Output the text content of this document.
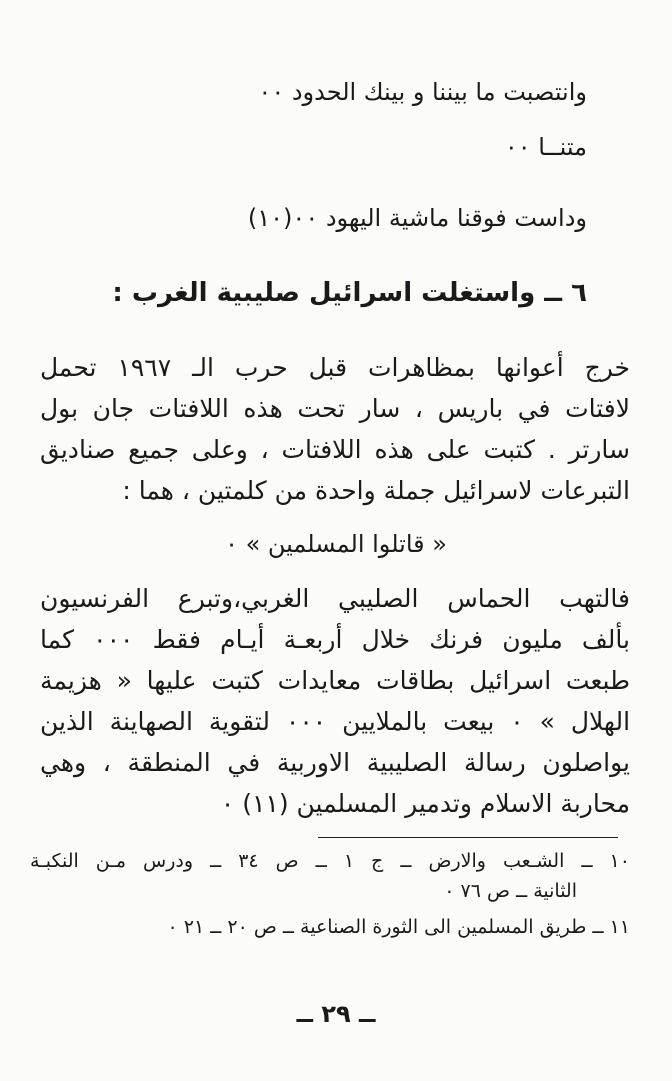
وانتصبت ما بيننا و بينك الحدود ٠٠
متنــا ٠٠
وداست فوقنا ماشية اليهود ٠٠(١٠)
٦ ــ واستغلت اسرائيل صليبية الغرب :
خرج أعوانها بمظاهرات قبل حرب الـ ١٩٦٧ تحمل
لافتات في باريس ، سار تحت هذه اللافتات جان بول
سارتر . كتبت على هذه اللافتات ، وعلى جميع صناديق
التبرعات لاسرائيل جملة واحدة من كلمتين ، هما :
« قاتلوا المسلمين » ٠
فالتهب الحماس الصليبي الغربي،وتبرع الفرنسيون
بألف مليون فرنك خلال أربعـة أيـام فقط ٠٠٠ كما
طبعت اسرائيل بطاقات معايدات كتبت عليها « هزيمة
الهلال » ٠ بيعت بالملايين ٠٠٠ لتقوية الصهاينة الذين
يواصلون رسالة الصليبية الاوربية في المنطقة ، وهي
محاربة الاسلام وتدمير المسلمين (١١) ٠
١٠ ــ الشـعب والارض ــ ج ١ ــ ص ٣٤ ــ ودرس مـن النكبـة
الثانية ــ ص ٧٦ ٠
١١ ــ طريق المسلمين الى الثورة الصناعية ــ ص ٢٠ ــ ٢١ ٠
ــ ٢٩ ــ
